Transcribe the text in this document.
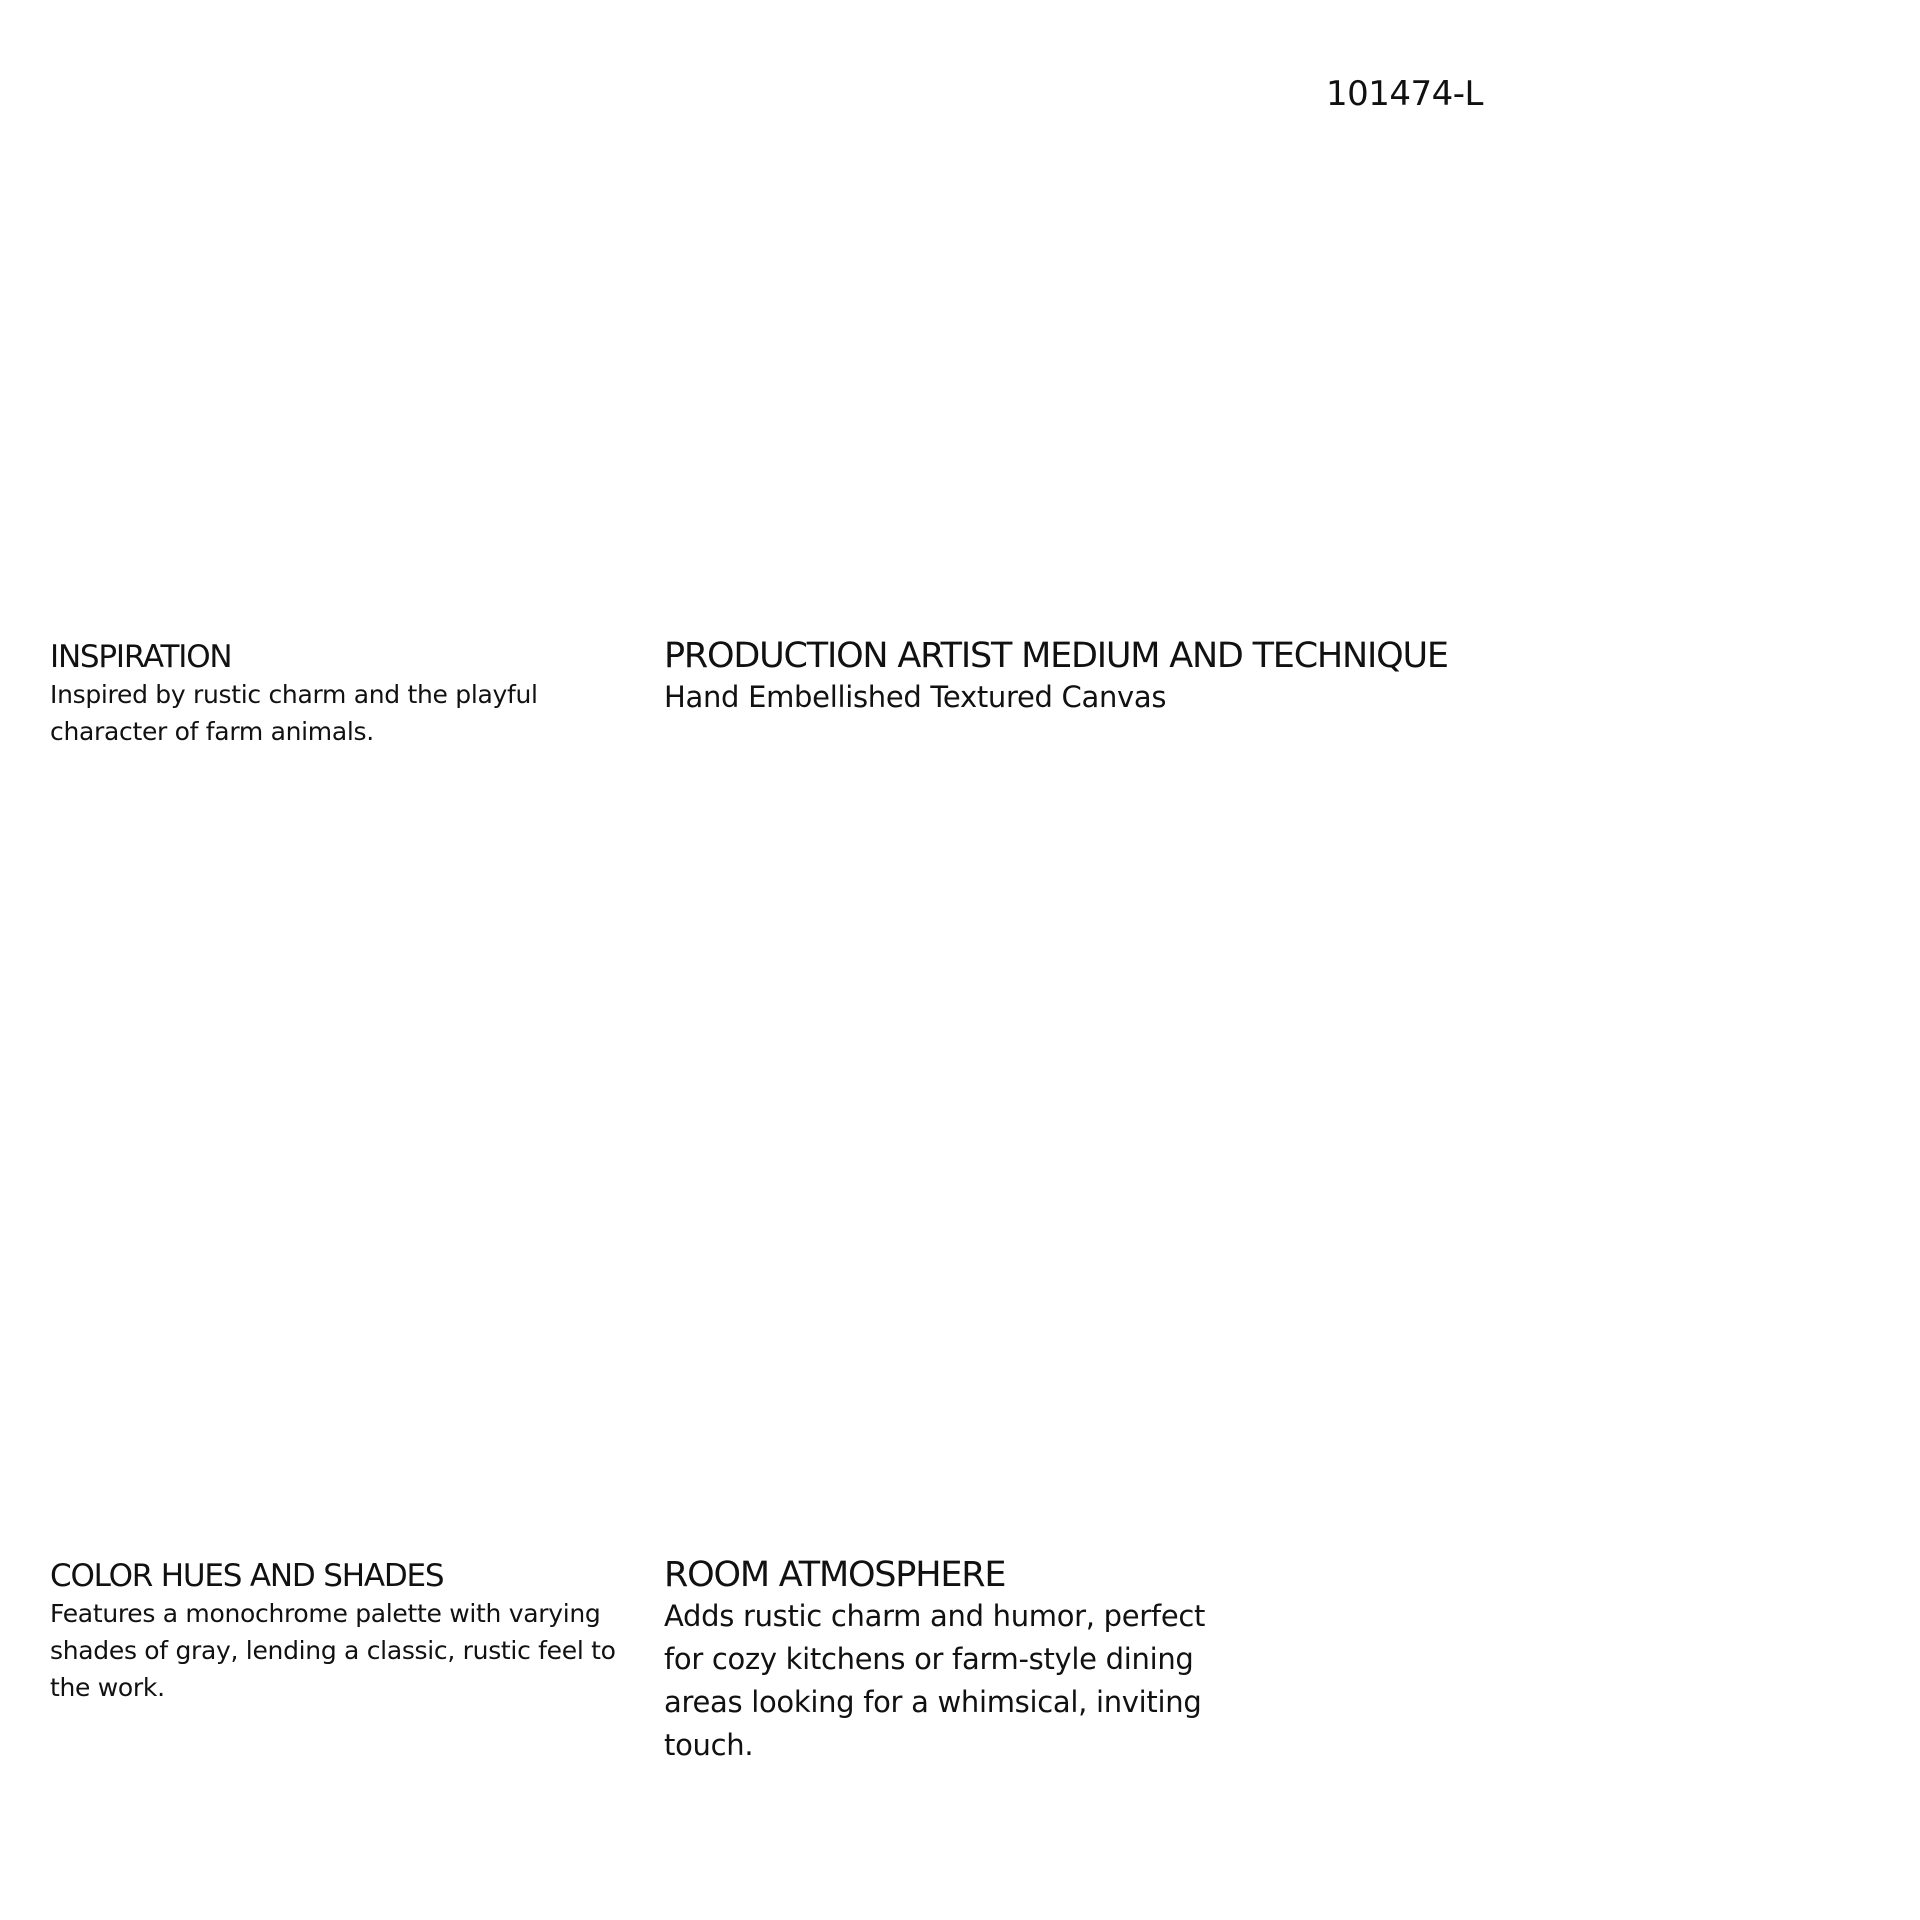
101474-L
INSPIRATION

Inspired by rustic charm and the playful character of farm animals.

PRODUCTION ARTIST MEDIUM AND TECHNIQUE

Hand Embellished Textured Canvas

COLOR HUES AND SHADES

Features a monochrome palette with varying shades of gray, lending a classic, rustic feel to the work.

ROOM ATMOSPHERE

Adds rustic charm and humor, perfect for cozy kitchens or farm-style dining areas looking for a whimsical, inviting touch.
